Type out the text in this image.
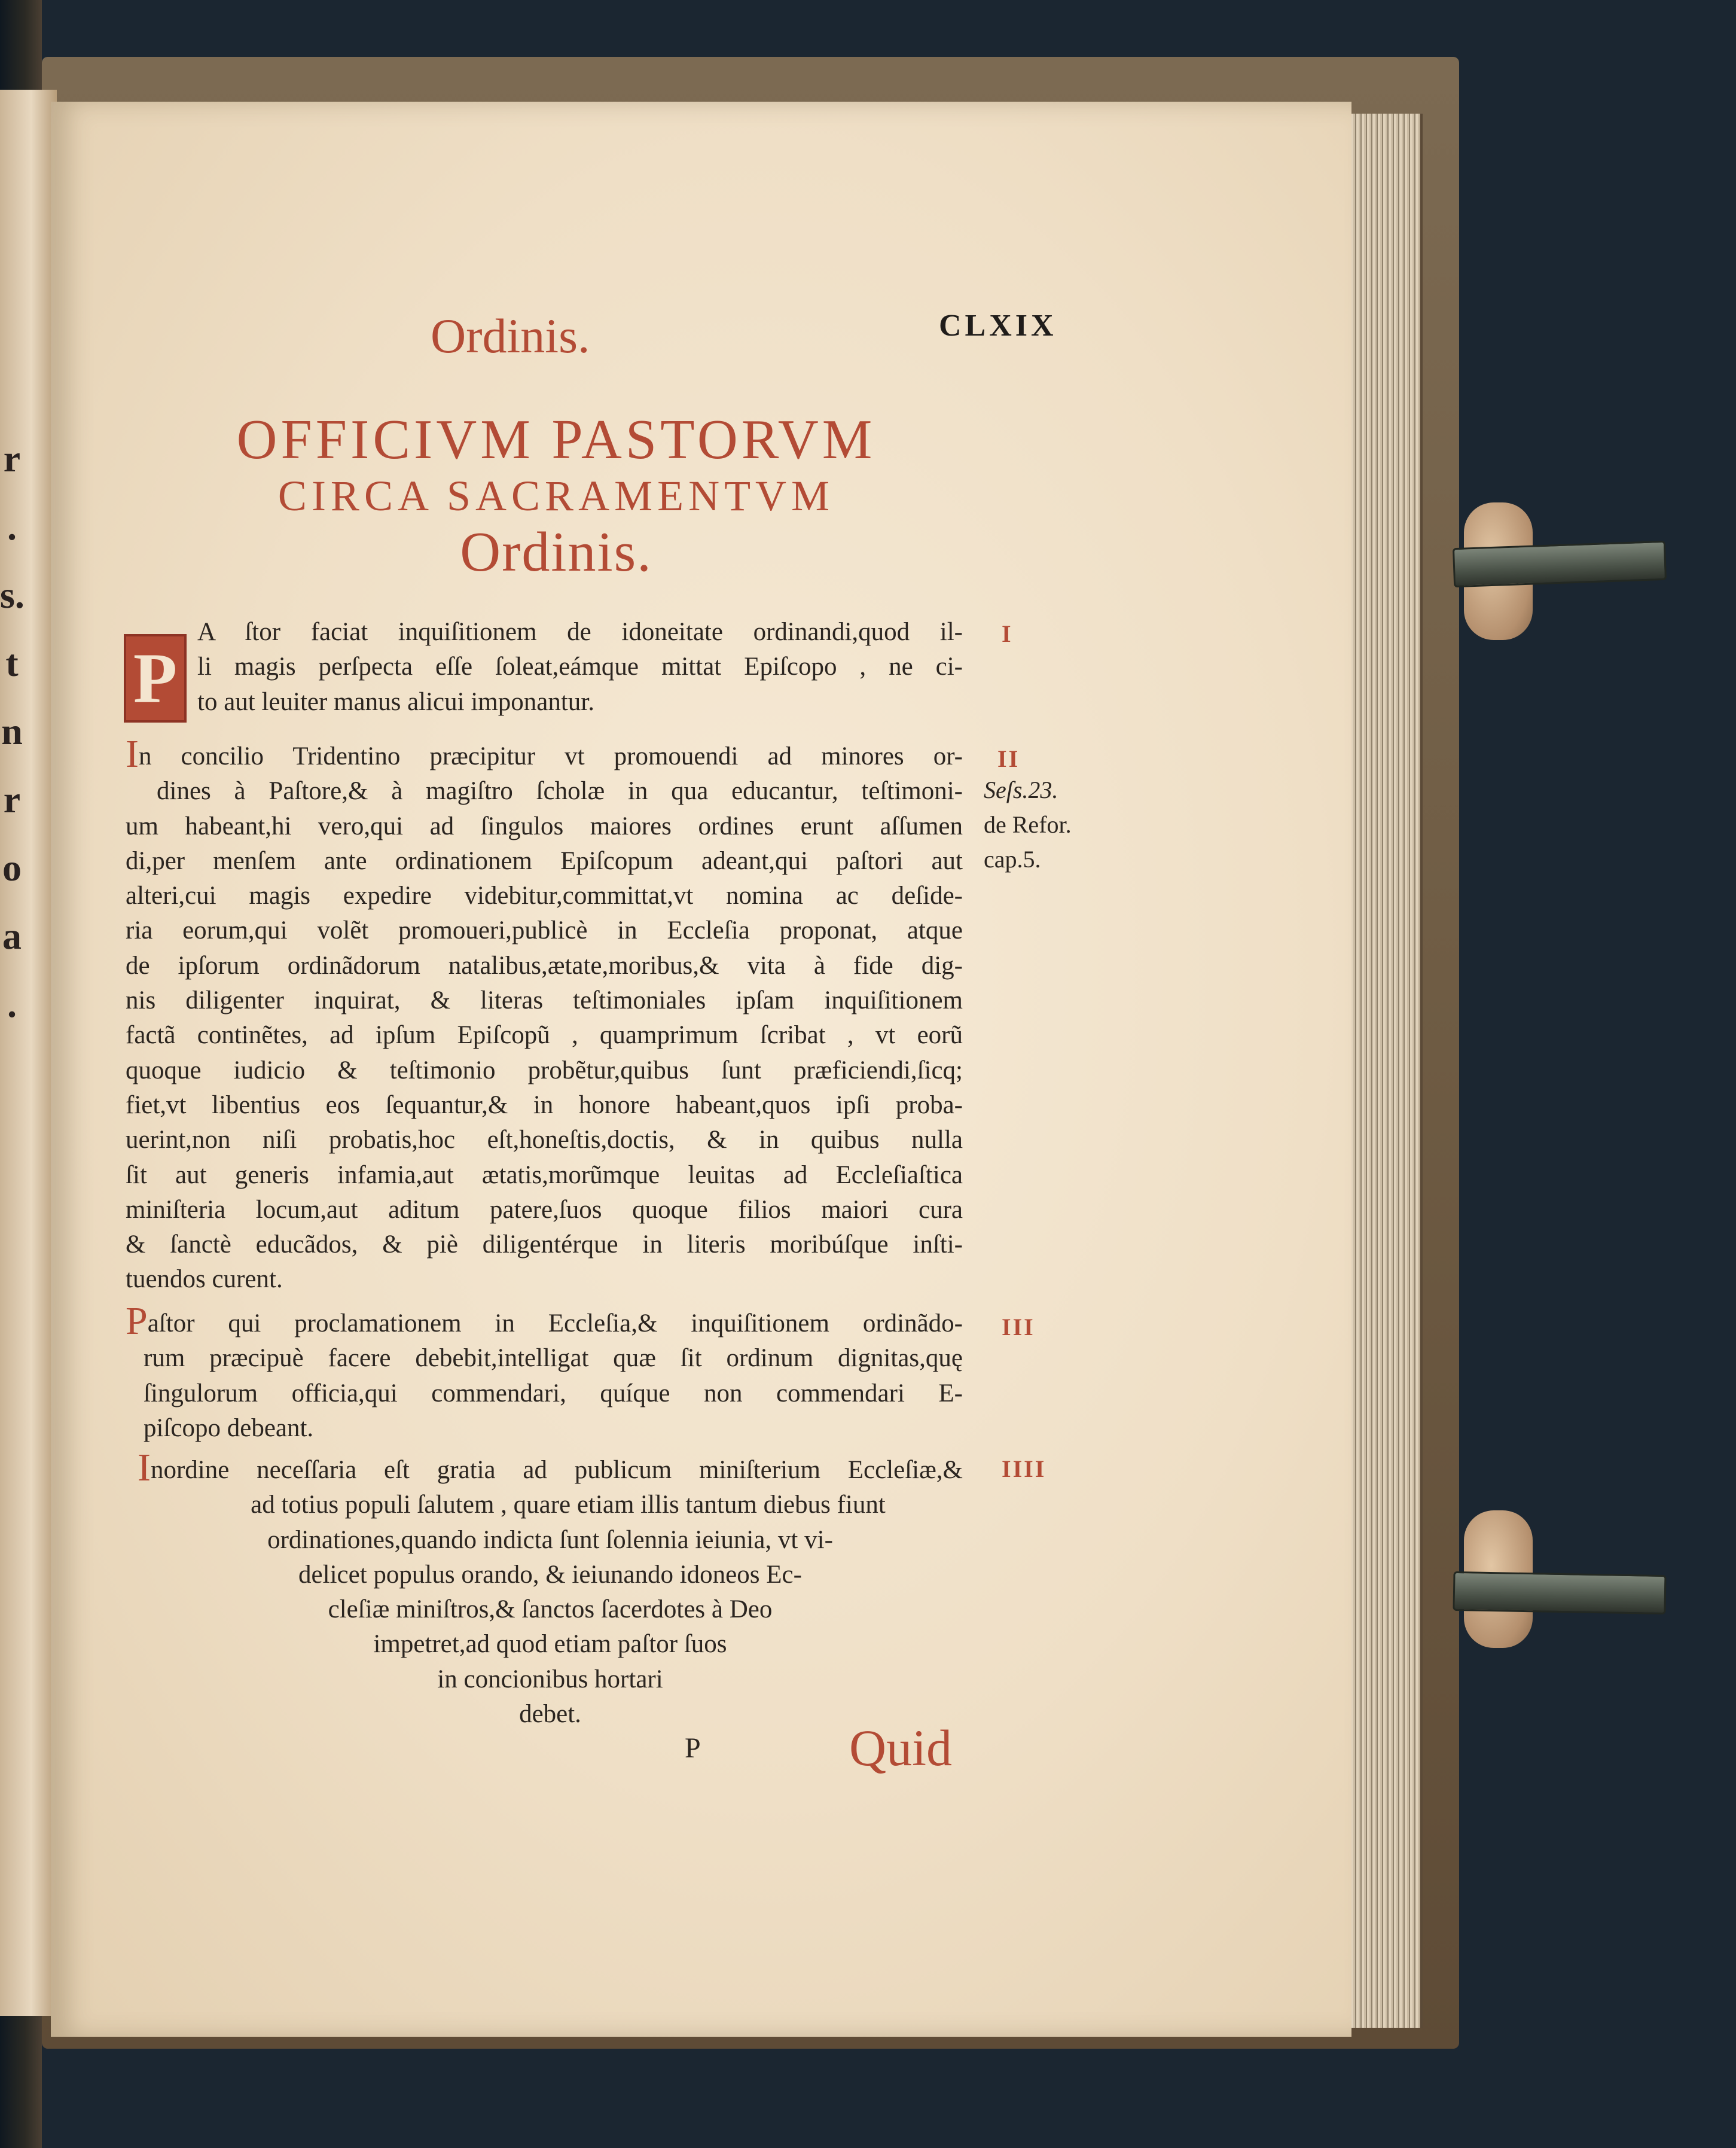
r
.
s.
t
n
r
o
a
.
Ordinis.	CLXIX
OFFICIVM PASTORVM
CIRCA SACRAMENTVM
Ordinis.
P
A ſtor faciat inquiſitionem de idoneitate ordinandi,quod il-
li magis perſpecta eſſe ſoleat,eámque mittat Epiſcopo , ne ci-
to aut leuiter manus alicui imponantur.
I
In concilio Tridentino præcipitur vt promouendi ad minores or-
dines à Paſtore,& à magiſtro ſcholæ in qua educantur, teſtimoni-
um habeant,hi vero,qui ad ſingulos maiores ordines erunt aſſumen
di,per menſem ante ordinationem Epiſcopum adeant,qui paſtori aut
alteri,cui magis expedire videbitur,committat,vt nomina ac deſide-
ria eorum,qui volẽt promoueri,publicè in Eccleſia proponat, atque
de ipſorum ordinãdorum natalibus,ætate,moribus,& vita à fide dig-
nis diligenter inquirat, & literas teſtimoniales ipſam inquiſitionem
factã continẽtes, ad ipſum Epiſcopũ , quamprimum ſcribat , vt eorũ
quoque iudicio & teſtimonio probẽtur,quibus ſunt præficiendi,ſicq;
fiet,vt libentius eos ſequantur,& in honore habeant,quos ipſi proba-
uerint,non niſi probatis,hoc eſt,honeſtis,doctis, & in quibus nulla
ſit aut generis infamia,aut ætatis,morũmque leuitas ad Eccleſiaſtica
miniſteria locum,aut aditum patere,ſuos quoque filios maiori cura
& ſanctè educãdos, & piè diligentérque in literis moribúſque inſti-
tuendos curent.
II
Seſs.23.
de Refor.
cap.5.
Paſtor qui proclamationem in Eccleſia,& inquiſitionem ordinãdo-
rum præcipuè facere debebit,intelligat quæ ſit ordinum dignitas,quę
ſingulorum officia,qui commendari, quíque non commendari E-
piſcopo debeant.
III
Inordine neceſſaria eſt gratia ad publicum miniſterium Eccleſiæ,&
ad totius populi ſalutem , quare etiam illis tantum diebus fiunt
ordinationes,quando indicta ſunt ſolennia ieiunia, vt vi-
delicet populus orando, & ieiunando idoneos Ec-
cleſiæ miniſtros,& ſanctos ſacerdotes à Deo
impetret,ad quod etiam paſtor ſuos
in concionibus hortari
debet.
IIII
P	Quid
